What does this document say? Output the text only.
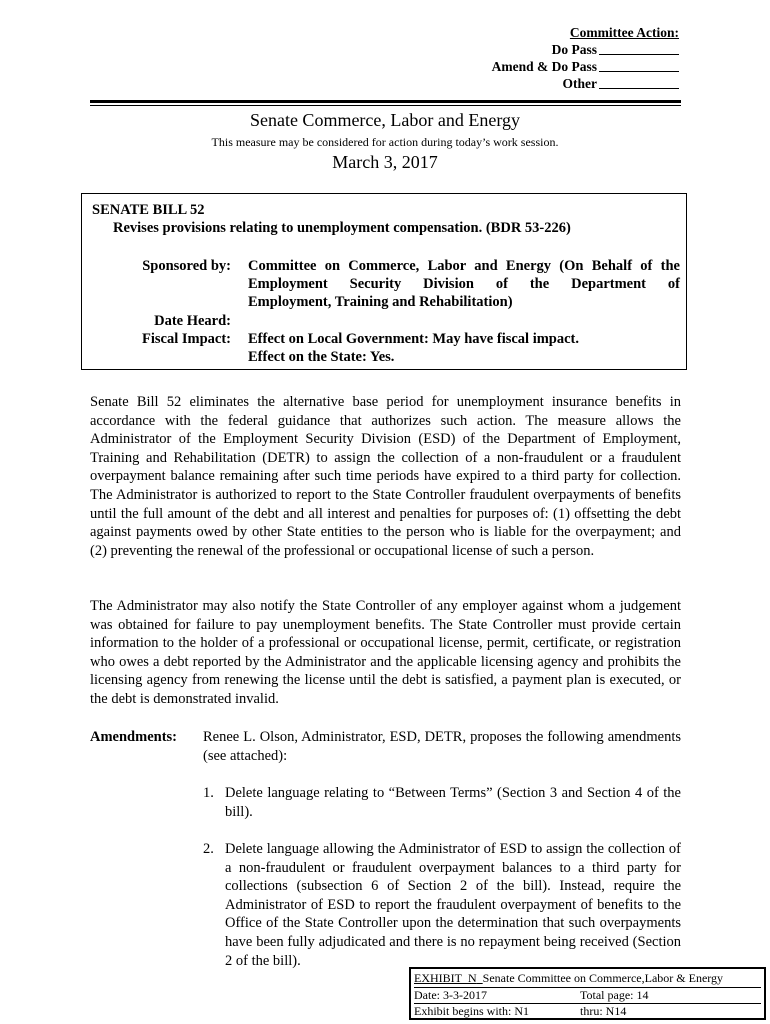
Committee Action:
Do Pass
Amend & Do Pass
Other
Senate Commerce, Labor and Energy
This measure may be considered for action during today’s work session.
March 3, 2017
SENATE BILL 52
Revises provisions relating to unemployment compensation. (BDR 53-226)
Sponsored by: Committee on Commerce, Labor and Energy (On Behalf of the
Employment Security Division of the Department of
Employment, Training and Rehabilitation)
Date Heard:
Fiscal Impact: Effect on Local Government: May have fiscal impact.
Effect on the State: Yes.

Senate Bill 52 eliminates the alternative base period for unemployment insurance benefits in accordance with the federal guidance that authorizes such action. The measure allows the Administrator of the Employment Security Division (ESD) of the Department of Employment, Training and Rehabilitation (DETR) to assign the collection of a non-fraudulent or a fraudulent overpayment balance remaining after such time periods have expired to a third party for collection. The Administrator is authorized to report to the State Controller fraudulent overpayments of benefits until the full amount of the debt and all interest and penalties for purposes of: (1) offsetting the debt against payments owed by other State entities to the person who is liable for the overpayment; and (2) preventing the renewal of the professional or occupational license of such a person.

The Administrator may also notify the State Controller of any employer against whom a judgement was obtained for failure to pay unemployment benefits. The State Controller must provide certain information to the holder of a professional or occupational license, permit, certificate, or registration who owes a debt reported by the Administrator and the applicable licensing agency and prohibits the licensing agency from renewing the license until the debt is satisfied, a payment plan is executed, or the debt is demonstrated invalid.

Amendments: Renee L. Olson, Administrator, ESD, DETR, proposes the following amendments (see attached):
1. Delete language relating to “Between Terms” (Section 3 and Section 4 of the bill).
2. Delete language allowing the Administrator of ESD to assign the collection of a non-fraudulent or fraudulent overpayment balances to a third party for collections (subsection 6 of Section 2 of the bill). Instead, require the Administrator of ESD to report the fraudulent overpayment of benefits to the Office of the State Controller upon the determination that such overpayments have been fully adjudicated and there is no repayment being received (Section 2 of the bill).
EXHIBIT N Senate Committee on Commerce,Labor & Energy
Date: 3-3-2017	Total page: 14
Exhibit begins with: N1	thru: N14
